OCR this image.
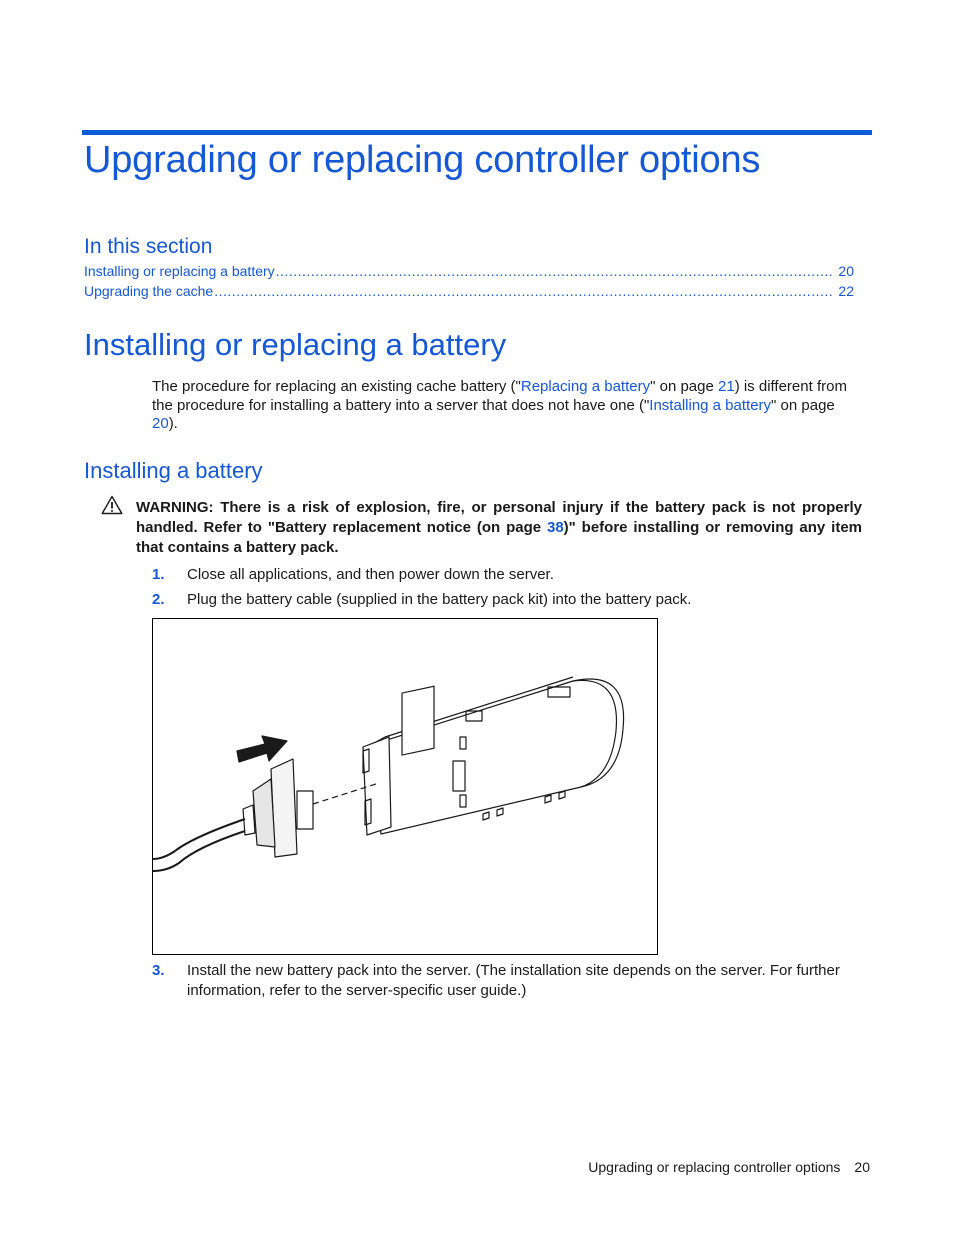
Upgrading or replacing controller options
In this section
Installing or replacing a battery .....	20
Upgrading the cache .....	22
Installing or replacing a battery

The procedure for replacing an existing cache battery ("Replacing a battery" on page 21) is different from the procedure for installing a battery into a server that does not have one ("Installing a battery" on page 20).

Installing a battery

WARNING: There is a risk of explosion, fire, or personal injury if the battery pack is not properly handled. Refer to "Battery replacement notice (on page 38)" before installing or removing any item that contains a battery pack.

1. Close all applications, and then power down the server.
2. Plug the battery cable (supplied in the battery pack kit) into the battery pack.
3. Install the new battery pack into the server. (The installation site depends on the server. For further information, refer to the server-specific user guide.)
Upgrading or replacing controller options 20
